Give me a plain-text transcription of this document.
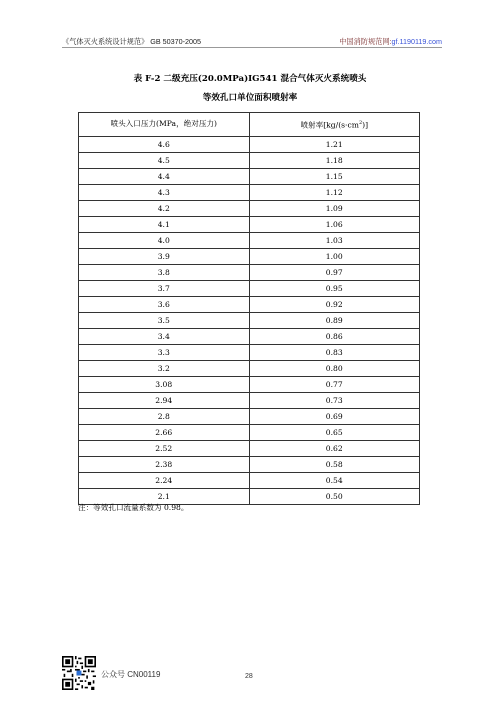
《气体灭火系统设计规范》 GB 50370-2005	中国消防规范网:gf.1190119.com
表 F-2 二级充压(20.0MPa)IG541 混合气体灭火系统喷头
等效孔口单位面积喷射率
喷头入口压力(MPa，绝对压力)	喷射率$[kg/(s\cdot cm^2)]$
4.6	1.21
4.5	1.18
4.4	1.15
4.3	1.12
4.2	1.09
4.1	1.06
4.0	1.03
3.9	1.00
3.8	0.97
3.7	0.95
3.6	0.92
3.5	0.89
3.4	0.86
3.3	0.83
3.2	0.80
3.08	0.77
2.94	0.73
2.8	0.69
2.66	0.65
2.52	0.62
2.38	0.58
2.24	0.54
2.1	0.50
注：等效孔口流量系数为 0.98。
公众号 CN00119	28
